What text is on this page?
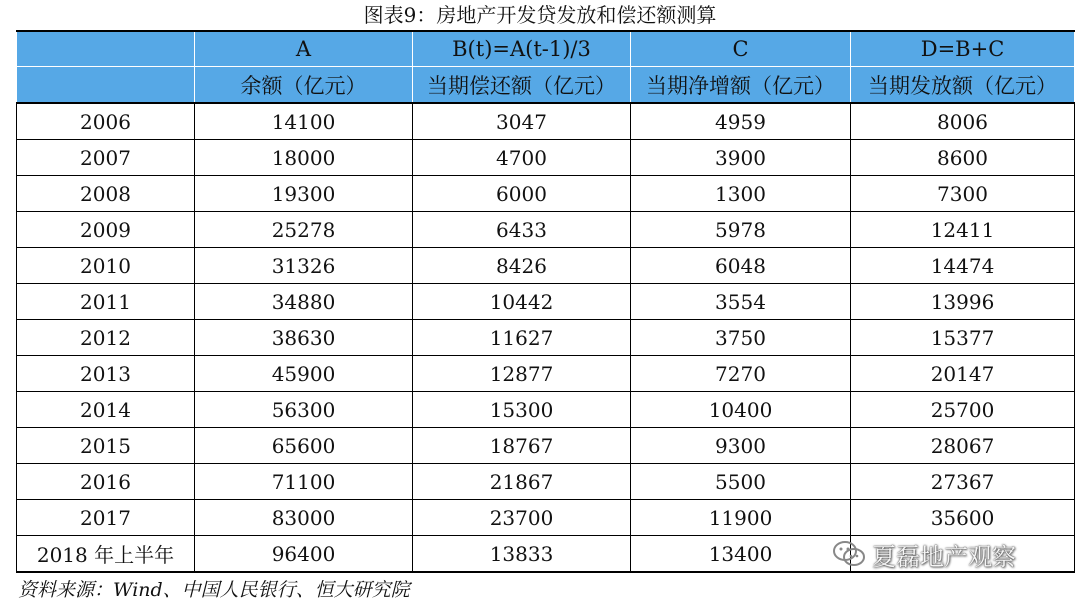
图表9：房地产开发贷发放和偿还额测算
	A	B(t)=A(t-1)/3	C	D=B+C
	余额（亿元）	当期偿还额（亿元）	当期净增额（亿元）	当期发放额（亿元）
2006	14100	3047	4959	8006
2007	18000	4700	3900	8600
2008	19300	6000	1300	7300
2009	25278	6433	5978	12411
2010	31326	8426	6048	14474
2011	34880	10442	3554	13996
2012	38630	11627	3750	15377
2013	45900	12877	7270	20147
2014	56300	15300	10400	25700
2015	65600	18767	9300	28067
2016	71100	21867	5500	27367
2017	83000	23700	11900	35600
2018 年上半年	96400	13833	13400	
资料来源：Wind、中国人民银行、恒大研究院
夏磊地产观察
